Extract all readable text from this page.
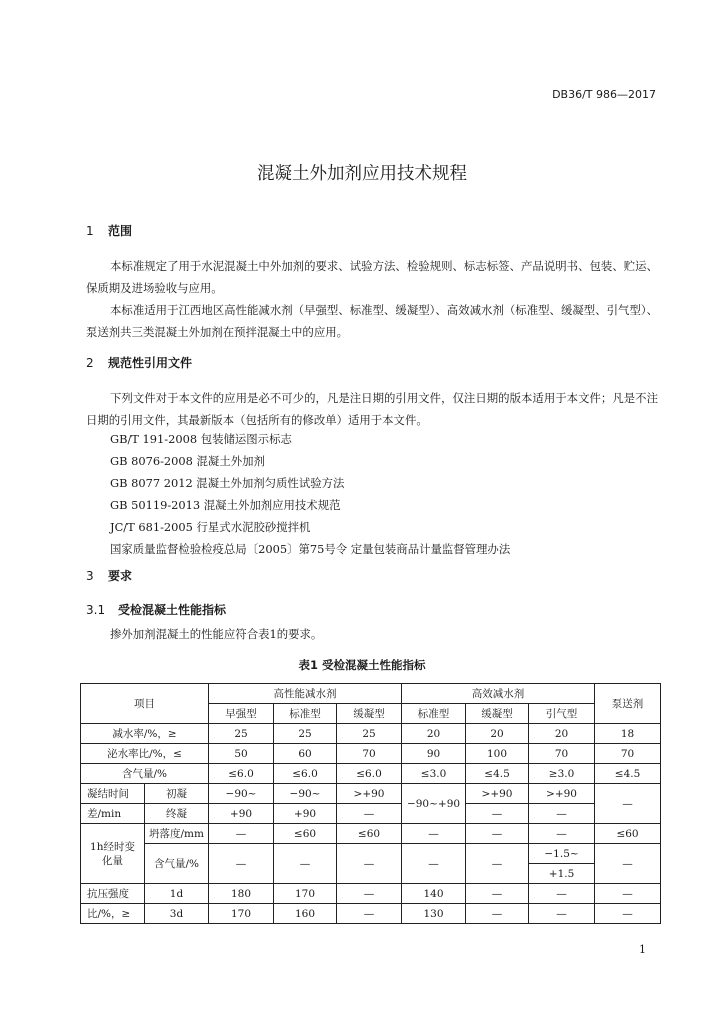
DB36/T 986—2017
混凝土外加剂应用技术规程
1 范围
本标准规定了用于水泥混凝土中外加剂的要求、试验方法、检验规则、标志标签、产品说明书、包装、贮运、保质期及进场验收与应用。
本标准适用于江西地区高性能减水剂（早强型、标准型、缓凝型）、高效减水剂（标准型、缓凝型、引气型）、泵送剂共三类混凝土外加剂在预拌混凝土中的应用。
2 规范性引用文件
下列文件对于本文件的应用是必不可少的，凡是注日期的引用文件，仅注日期的版本适用于本文件；凡是不注日期的引用文件，其最新版本（包括所有的修改单）适用于本文件。
GB/T 191-2008 包装储运图示标志
GB 8076-2008 混凝土外加剂
GB 8077 2012 混凝土外加剂匀质性试验方法
GB 50119-2013 混凝土外加剂应用技术规范
JC/T 681-2005 行星式水泥胶砂搅拌机
国家质量监督检验检疫总局〔2005〕第75号令 定量包装商品计量监督管理办法
3 要求
3.1 受检混凝土性能指标
掺外加剂混凝土的性能应符合表1的要求。
表1 受检混凝土性能指标
项目		高性能减水剂			高效减水剂			泵送剂
		早强型	标准型	缓凝型	标准型	缓凝型	引气型	
减水率/%，≥		25	25	25	20	20	20	18
泌水率比/%，≤		50	60	70	90	100	70	70
含气量/%		≤6.0	≤6.0	≤6.0	≤3.0	≤4.5	≥3.0	≤4.5
凝结时间	初凝	−90~	−90~	>+90	−90~+90	>+90	>+90	—
差/min	终凝	+90	+90	—		—	—	
1h经时变
化量	坍落度/mm	—	≤60	≤60	—	—	—	≤60
	含气量/%	—	—	—	—	—	−1.5~	—
							+1.5	
抗压强度	1d	180	170	—	140	—	—	—
比/%，≥	3d	170	160	—	130	—	—	—
1
